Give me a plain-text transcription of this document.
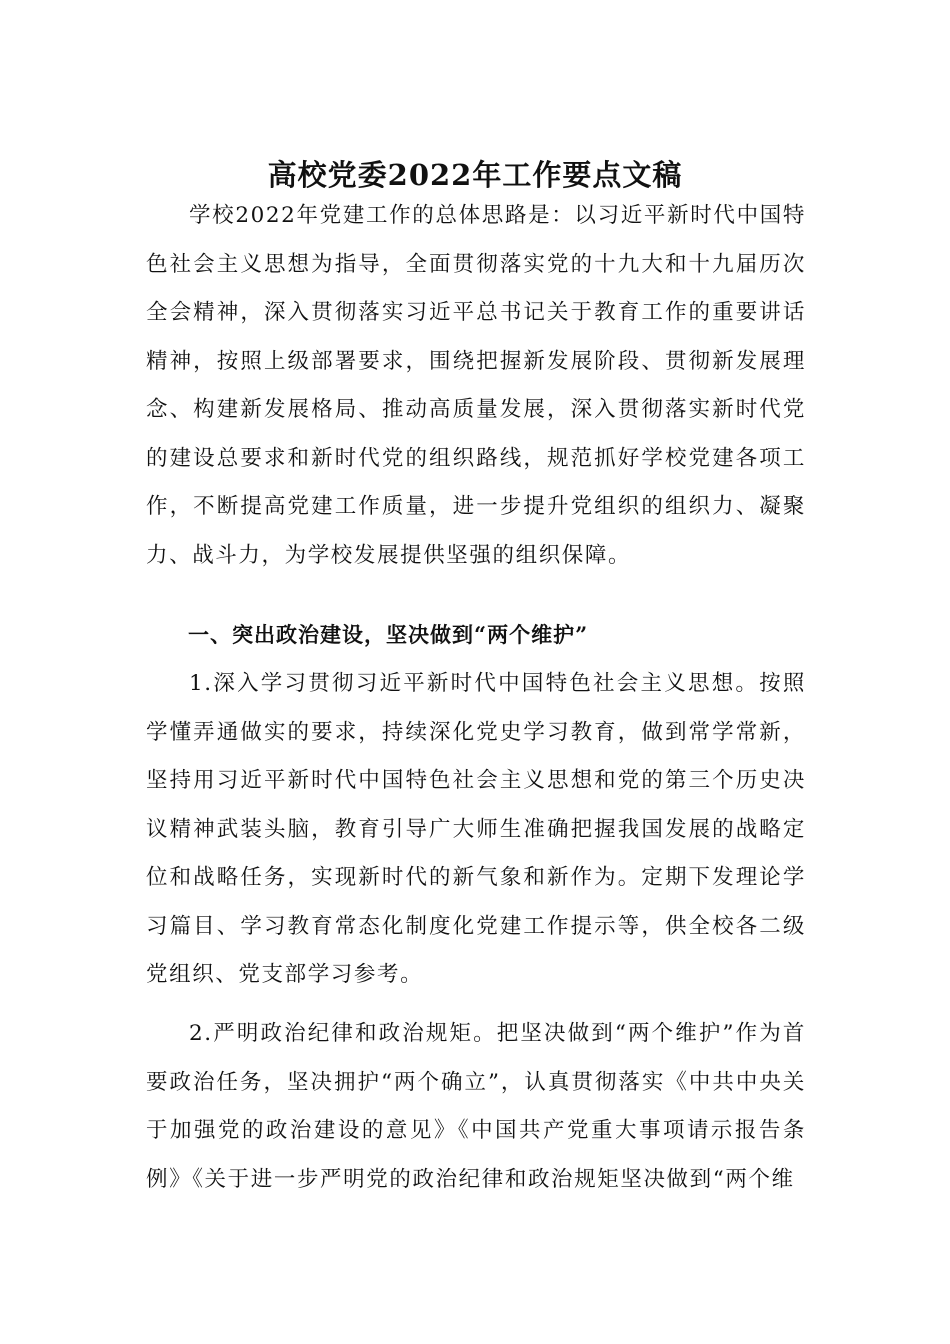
高校党委2022年工作要点文稿

学校2022年党建工作的总体思路是：以习近平新时代中国特色社会主义思想为指导，全面贯彻落实党的十九大和十九届历次全会精神，深入贯彻落实习近平总书记关于教育工作的重要讲话精神，按照上级部署要求，围绕把握新发展阶段、贯彻新发展理念、构建新发展格局、推动高质量发展，深入贯彻落实新时代党的建设总要求和新时代党的组织路线，规范抓好学校党建各项工作，不断提高党建工作质量，进一步提升党组织的组织力、凝聚力、战斗力，为学校发展提供坚强的组织保障。

一、突出政治建设，坚决做到“两个维护”

1.深入学习贯彻习近平新时代中国特色社会主义思想。按照学懂弄通做实的要求，持续深化党史学习教育，做到常学常新，坚持用习近平新时代中国特色社会主义思想和党的第三个历史决议精神武装头脑，教育引导广大师生准确把握我国发展的战略定位和战略任务，实现新时代的新气象和新作为。定期下发理论学习篇目、学习教育常态化制度化党建工作提示等，供全校各二级党组织、党支部学习参考。

2.严明政治纪律和政治规矩。把坚决做到“两个维护”作为首要政治任务，坚决拥护“两个确立”，认真贯彻落实《中共中央关于加强党的政治建设的意见》《中国共产党重大事项请示报告条例》《关于进一步严明党的政治纪律和政治规矩坚决做到“两个维
